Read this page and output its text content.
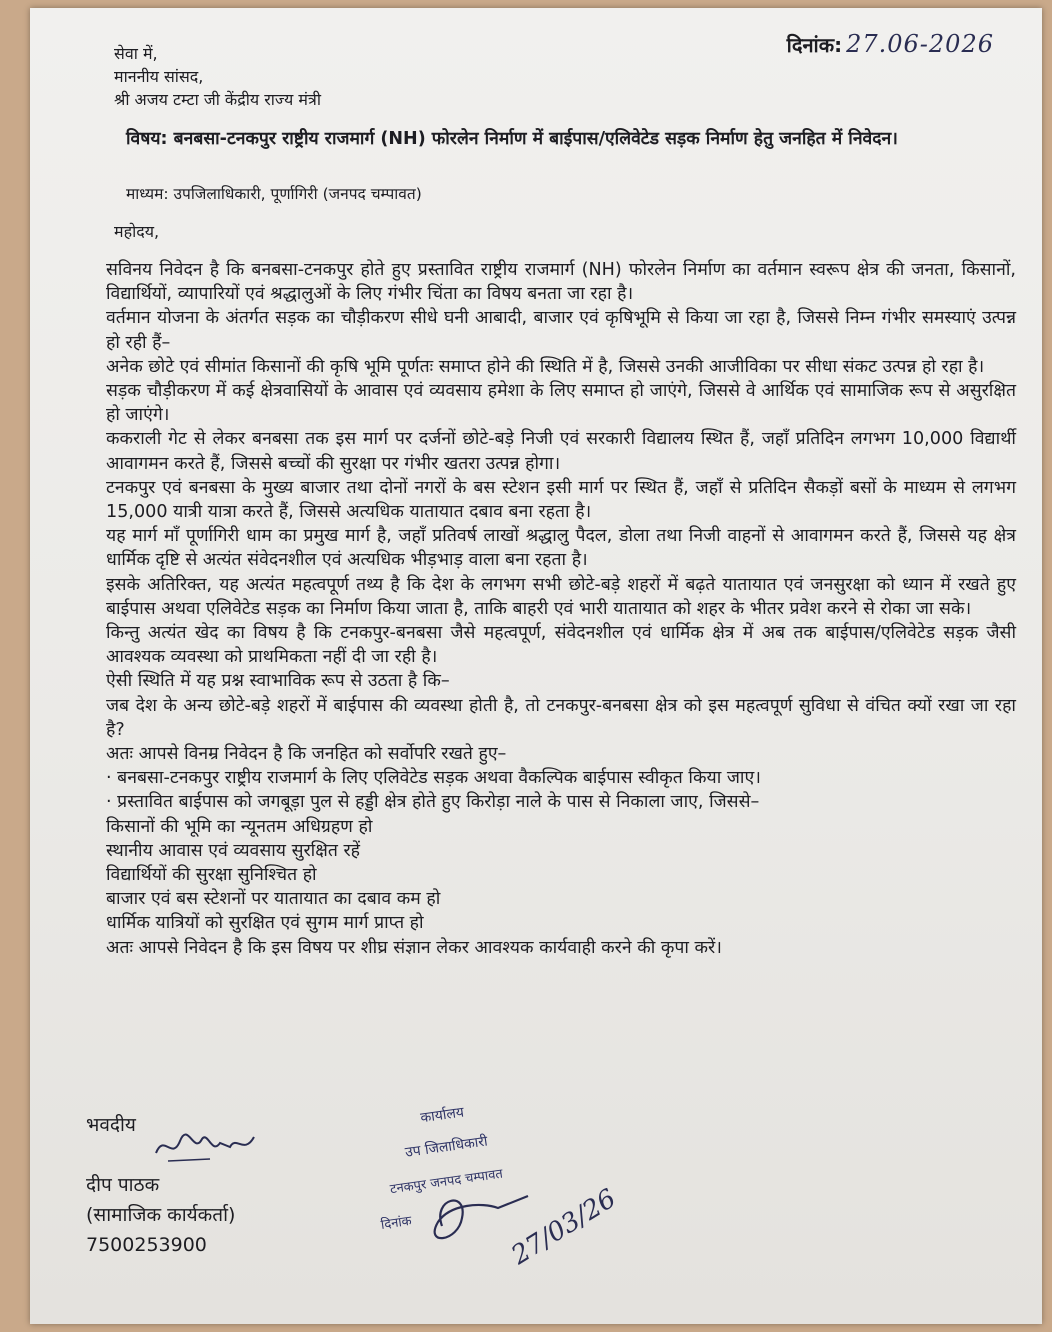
सेवा में,
माननीय सांसद,
श्री अजय टम्टा जी केंद्रीय राज्य मंत्री
दिनांक: 27.06-2026
विषय: बनबसा-टनकपुर राष्ट्रीय राजमार्ग (NH) फोरलेन निर्माण में बाईपास/एलिवेटेड सड़क निर्माण हेतु जनहित में निवेदन।
माध्यम: उपजिलाधिकारी, पूर्णागिरी (जनपद चम्पावत)
महोदय,

सविनय निवेदन है कि बनबसा-टनकपुर होते हुए प्रस्तावित राष्ट्रीय राजमार्ग (NH) फोरलेन निर्माण का वर्तमान स्वरूप क्षेत्र की जनता, किसानों, विद्यार्थियों, व्यापारियों एवं श्रद्धालुओं के लिए गंभीर चिंता का विषय बनता जा रहा है।

वर्तमान योजना के अंतर्गत सड़क का चौड़ीकरण सीधे घनी आबादी, बाजार एवं कृषिभूमि से किया जा रहा है, जिससे निम्न गंभीर समस्याएं उत्पन्न हो रही हैं–

अनेक छोटे एवं सीमांत किसानों की कृषि भूमि पूर्णतः समाप्त होने की स्थिति में है, जिससे उनकी आजीविका पर सीधा संकट उत्पन्न हो रहा है।

सड़क चौड़ीकरण में कई क्षेत्रवासियों के आवास एवं व्यवसाय हमेशा के लिए समाप्त हो जाएंगे, जिससे वे आर्थिक एवं सामाजिक रूप से असुरक्षित हो जाएंगे।

ककराली गेट से लेकर बनबसा तक इस मार्ग पर दर्जनों छोटे-बड़े निजी एवं सरकारी विद्यालय स्थित हैं, जहाँ प्रतिदिन लगभग 10,000 विद्यार्थी आवागमन करते हैं, जिससे बच्चों की सुरक्षा पर गंभीर खतरा उत्पन्न होगा।

टनकपुर एवं बनबसा के मुख्य बाजार तथा दोनों नगरों के बस स्टेशन इसी मार्ग पर स्थित हैं, जहाँ से प्रतिदिन सैकड़ों बसों के माध्यम से लगभग 15,000 यात्री यात्रा करते हैं, जिससे अत्यधिक यातायात दबाव बना रहता है।

यह मार्ग माँ पूर्णागिरी धाम का प्रमुख मार्ग है, जहाँ प्रतिवर्ष लाखों श्रद्धालु पैदल, डोला तथा निजी वाहनों से आवागमन करते हैं, जिससे यह क्षेत्र धार्मिक दृष्टि से अत्यंत संवेदनशील एवं अत्यधिक भीड़भाड़ वाला बना रहता है।

इसके अतिरिक्त, यह अत्यंत महत्वपूर्ण तथ्य है कि देश के लगभग सभी छोटे-बड़े शहरों में बढ़ते यातायात एवं जनसुरक्षा को ध्यान में रखते हुए बाईपास अथवा एलिवेटेड सड़क का निर्माण किया जाता है, ताकि बाहरी एवं भारी यातायात को शहर के भीतर प्रवेश करने से रोका जा सके।

किन्तु अत्यंत खेद का विषय है कि टनकपुर-बनबसा जैसे महत्वपूर्ण, संवेदनशील एवं धार्मिक क्षेत्र में अब तक बाईपास/एलिवेटेड सड़क जैसी आवश्यक व्यवस्था को प्राथमिकता नहीं दी जा रही है।

ऐसी स्थिति में यह प्रश्न स्वाभाविक रूप से उठता है कि–

जब देश के अन्य छोटे-बड़े शहरों में बाईपास की व्यवस्था होती है, तो टनकपुर-बनबसा क्षेत्र को इस महत्वपूर्ण सुविधा से वंचित क्यों रखा जा रहा है?

अतः आपसे विनम्र निवेदन है कि जनहित को सर्वोपरि रखते हुए–

· बनबसा-टनकपुर राष्ट्रीय राजमार्ग के लिए एलिवेटेड सड़क अथवा वैकल्पिक बाईपास स्वीकृत किया जाए।

· प्रस्तावित बाईपास को जगबूड़ा पुल से हड्डी क्षेत्र होते हुए किरोड़ा नाले के पास से निकाला जाए, जिससे–

किसानों की भूमि का न्यूनतम अधिग्रहण हो

स्थानीय आवास एवं व्यवसाय सुरक्षित रहें

विद्यार्थियों की सुरक्षा सुनिश्चित हो

बाजार एवं बस स्टेशनों पर यातायात का दबाव कम हो

धार्मिक यात्रियों को सुरक्षित एवं सुगम मार्ग प्राप्त हो

अतः आपसे निवेदन है कि इस विषय पर शीघ्र संज्ञान लेकर आवश्यक कार्यवाही करने की कृपा करें।

भवदीय
दीप पाठक
(सामाजिक कार्यकर्ता)
7500253900
कार्यालय
उप जिलाधिकारी
टनकपुर जनपद चम्पावत
दिनांक	27/03/26
